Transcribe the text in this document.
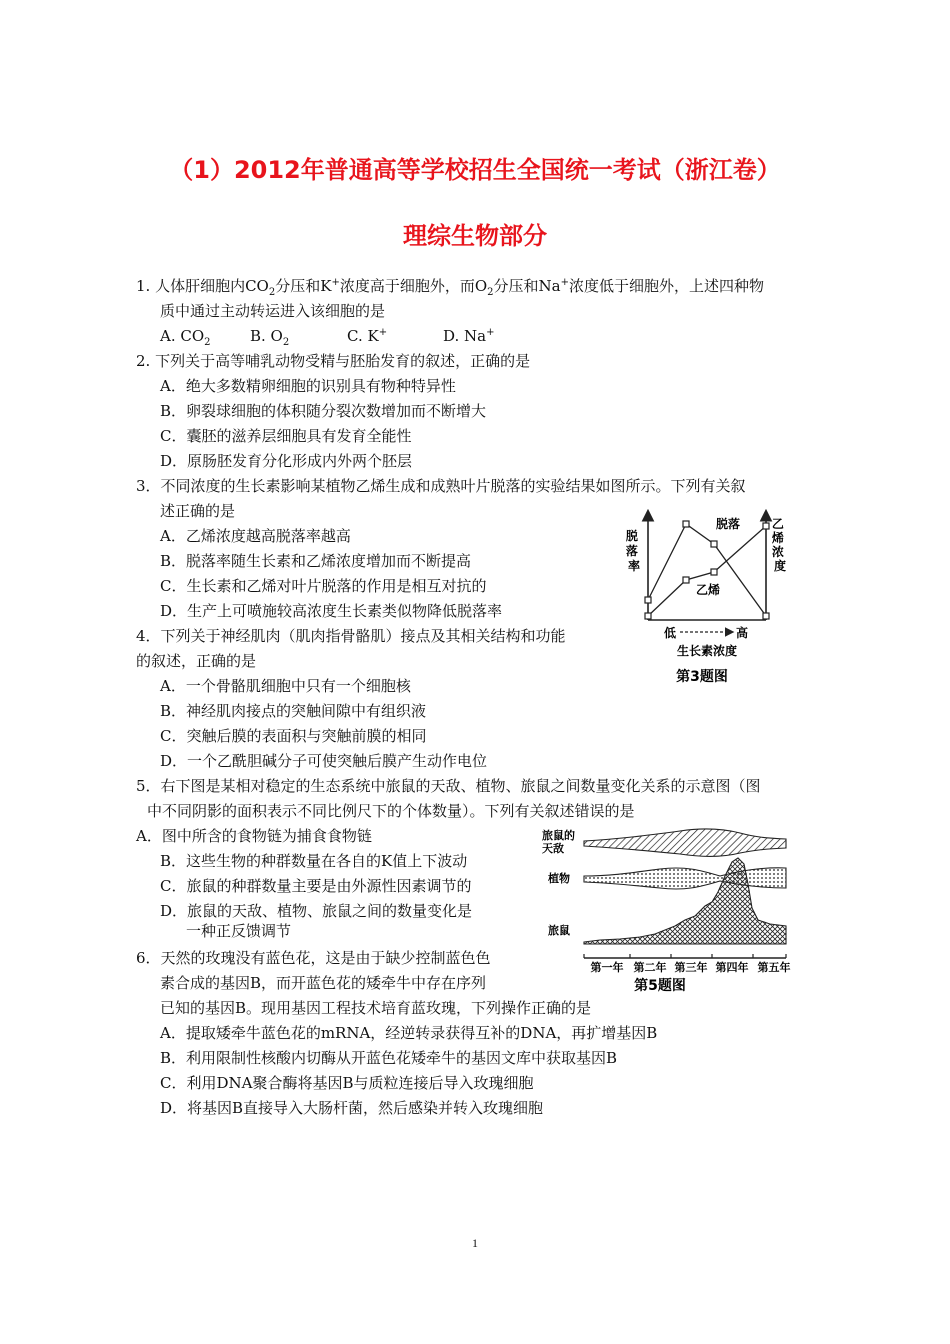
（1）2012年普通高等学校招生全国统一考试（浙江卷）
理综生物部分
1. 人体肝细胞内$CO_2$分压和K+浓度高于细胞外，而$O_2$分压和Na+浓度低于细胞外，上述四种物
质中通过主动转运进入该细胞的是
A. $CO_2$	B. $O_2$	C. K+	D. Na+
2. 下列关于高等哺乳动物受精与胚胎发育的叙述，正确的是
A．绝大多数精卵细胞的识别具有物种特异性
B．卵裂球细胞的体积随分裂次数增加而不断增大
C．囊胚的滋养层细胞具有发育全能性
D．原肠胚发育分化形成内外两个胚层
3．不同浓度的生长素影响某植物乙烯生成和成熟叶片脱落的实验结果如图所示。下列有关叙
述正确的是
A．乙烯浓度越高脱落率越高
B．脱落率随生长素和乙烯浓度增加而不断提高
C．生长素和乙烯对叶片脱落的作用是相互对抗的
D．生产上可喷施较高浓度生长素类似物降低脱落率
4．下列关于神经肌肉（肌肉指骨骼肌）接点及其相关结构和功能
的叙述，正确的是
A．一个骨骼肌细胞中只有一个细胞核
B．神经肌肉接点的突触间隙中有组织液
C．突触后膜的表面积与突触前膜的相同
D．一个乙酰胆碱分子可使突触后膜产生动作电位
5．右下图是某相对稳定的生态系统中旅鼠的天敌、植物、旅鼠之间数量变化关系的示意图（图
中不同阴影的面积表示不同比例尺下的个体数量）。下列有关叙述错误的是
A．图中所含的食物链为捕食食物链
B．这些生物的种群数量在各自的K值上下波动
C．旅鼠的种群数量主要是由外源性因素调节的
D．旅鼠的天敌、植物、旅鼠之间的数量变化是
一种正反馈调节
6．天然的玫瑰没有蓝色花，这是由于缺少控制蓝色色
素合成的基因B，而开蓝色花的矮牵牛中存在序列
已知的基因B。现用基因工程技术培育蓝玫瑰，下列操作正确的是
A．提取矮牵牛蓝色花的mRNA，经逆转录获得互补的DNA，再扩增基因B
B．利用限制性核酸内切酶从开蓝色花矮牵牛的基因文库中获取基因B
C．利用DNA聚合酶将基因B与质粒连接后导入玫瑰细胞
D．将基因B直接导入大肠杆菌，然后感染并转入玫瑰细胞
脱 落 率
乙 烯 浓 度
脱落
乙烯
低	高
生长素浓度
第3题图
旅鼠的 天敌
植物
旅鼠
第一年 第二年 第三年 第四年 第五年
第5题图
1
